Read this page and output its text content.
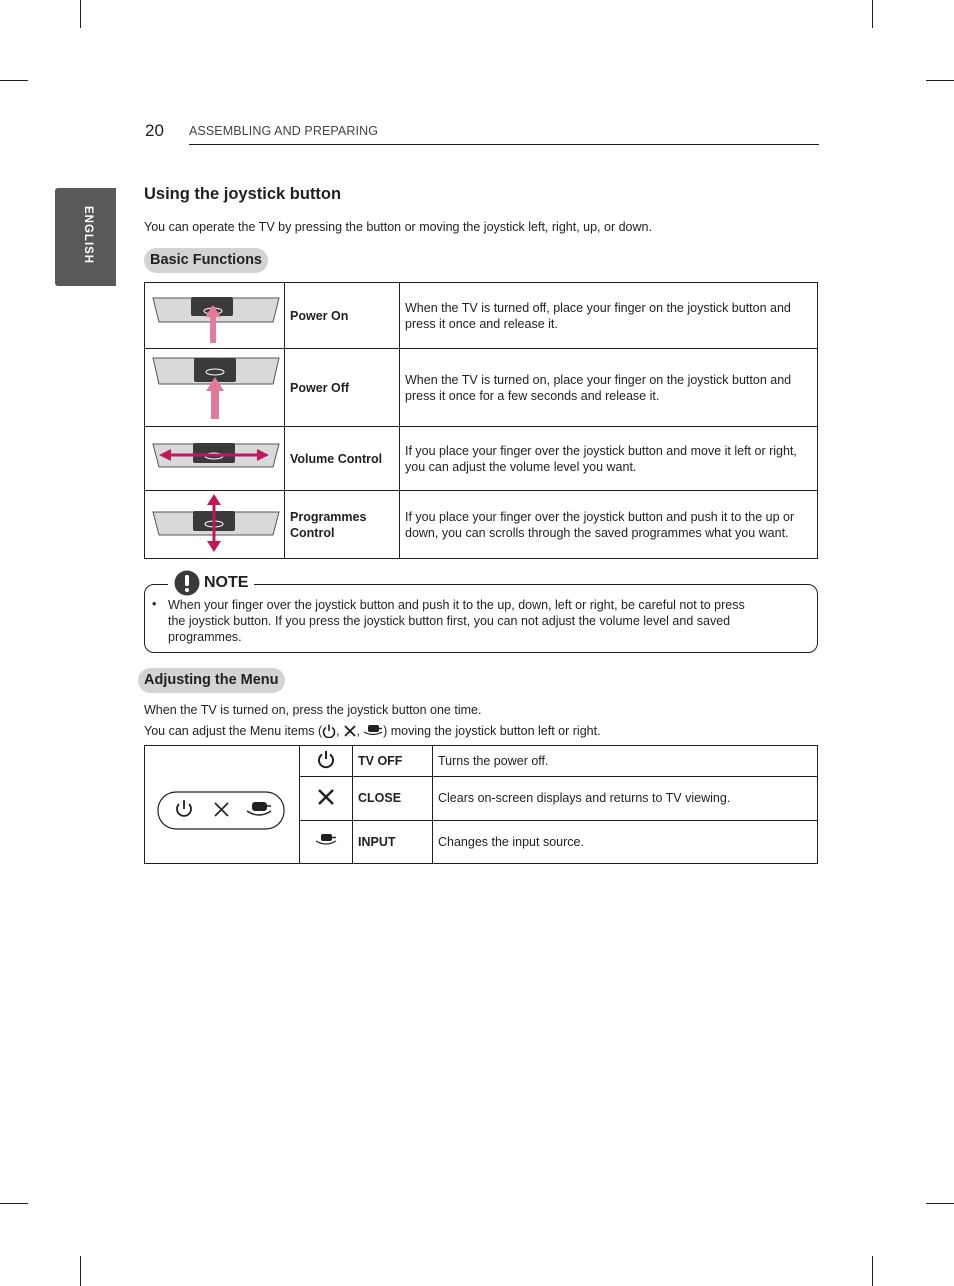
20 ASSEMBLING AND PREPARING
ENGLISH
Using the joystick button
You can operate the TV by pressing the button or moving the joystick left, right, up, or down.
Basic Functions
	Power On	When the TV is turned off, place your finger on the joystick button and press it once and release it.
	Power Off	When the TV is turned on, place your finger on the joystick button and press it once for a few seconds and release it.
	Volume Control	If you place your finger over the joystick button and move it left or right, you can adjust the volume level you want.
	Programmes Control	If you place your finger over the joystick button and push it to the up or down, you can scrolls through the saved programmes what you want.
NOTE
• When your finger over the joystick button and push it to the up, down, left or right, be careful not to press the joystick button. If you press the joystick button first, you can not adjust the volume level and saved programmes.
Adjusting the Menu
When the TV is turned on, press the joystick button one time.
You can adjust the Menu items ( , , ) moving the joystick button left or right.
		TV OFF	Turns the power off.
	CLOSE	Clears on-screen displays and returns to TV viewing.
	INPUT	Changes the input source.
